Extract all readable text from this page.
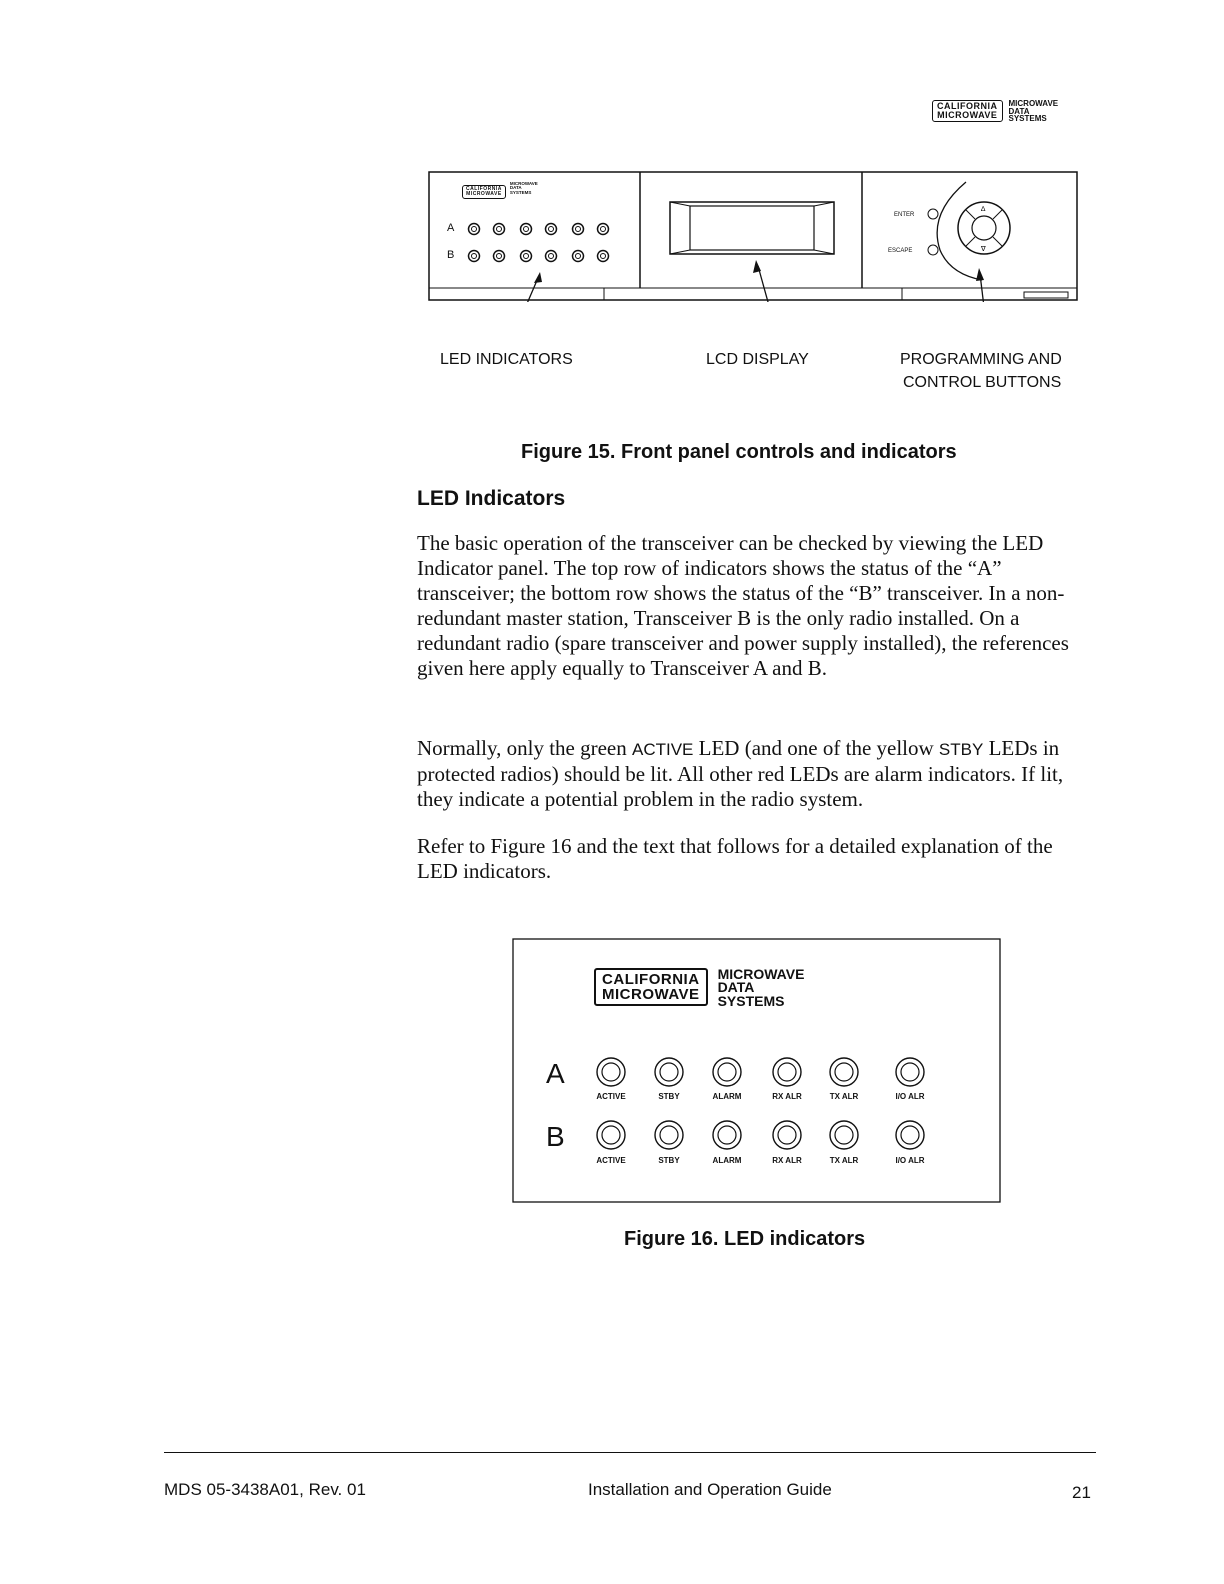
CALIFORNIA
MICROWAVE
MICROWAVE
DATA
SYSTEMS
∆
∇
CALIFORNIA
MICROWAVE
MICROWAVE
DATA
SYSTEMS
A
B
ENTER
ESCAPE
LED INDICATORS	LCD DISPLAY	PROGRAMMING AND
CONTROL BUTTONS
Figure 15. Front panel controls and indicators
LED Indicators
The basic operation of the transceiver can be checked by viewing the LED Indicator panel. The top row of indicators shows the status of the “A” transceiver; the bottom row shows the status of the “B” transceiver. In a non-redundant master station, Transceiver B is the only radio installed. On a redundant radio (spare transceiver and power supply installed), the references given here apply equally to Transceiver A and B.
Normally, only the green ACTIVE LED (and one of the yellow STBY LEDs in protected radios) should be lit. All other red LEDs are alarm indicators. If lit, they indicate a potential problem in the radio system.
Refer to Figure 16 and the text that follows for a detailed explanation of the LED indicators.
CALIFORNIA
MICROWAVE
MICROWAVE
DATA
SYSTEMS
A
B
ACTIVE	STBY	ALARM	RX ALR	TX ALR	I/O ALR
ACTIVE	STBY	ALARM	RX ALR	TX ALR	I/O ALR
Figure 16. LED indicators
MDS 05-3438A01, Rev. 01	Installation and Operation Guide	21
